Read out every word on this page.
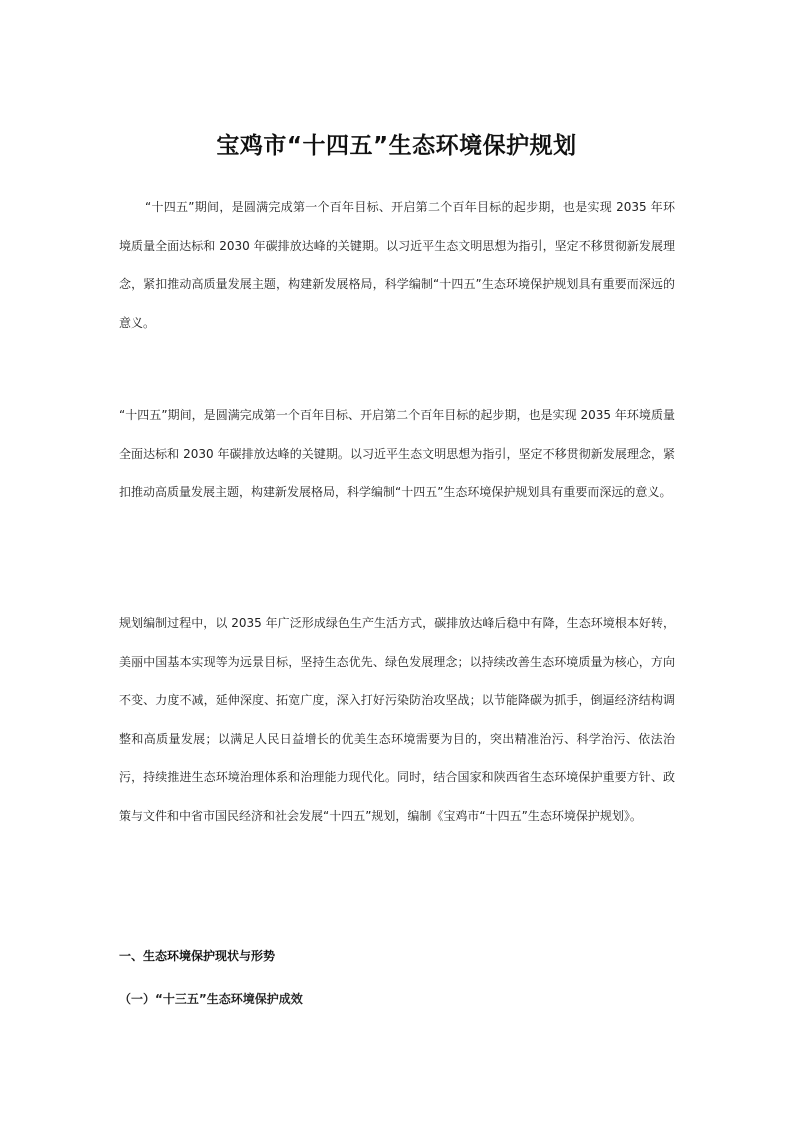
宝鸡市“十四五”生态环境保护规划

“十四五”期间，是圆满完成第一个百年目标、开启第二个百年目标的起步期，也是实现 2035 年环境质量全面达标和 2030 年碳排放达峰的关键期。以习近平生态文明思想为指引，坚定不移贯彻新发展理念，紧扣推动高质量发展主题，构建新发展格局，科学编制“十四五”生态环境保护规划具有重要而深远的意义。

“十四五”期间，是圆满完成第一个百年目标、开启第二个百年目标的起步期，也是实现 2035 年环境质量全面达标和 2030 年碳排放达峰的关键期。以习近平生态文明思想为指引，坚定不移贯彻新发展理念，紧扣推动高质量发展主题，构建新发展格局，科学编制“十四五”生态环境保护规划具有重要而深远的意义。

规划编制过程中，以 2035 年广泛形成绿色生产生活方式，碳排放达峰后稳中有降，生态环境根本好转，美丽中国基本实现等为远景目标，坚持生态优先、绿色发展理念；以持续改善生态环境质量为核心，方向不变、力度不减，延伸深度、拓宽广度，深入打好污染防治攻坚战；以节能降碳为抓手，倒逼经济结构调整和高质量发展；以满足人民日益增长的优美生态环境需要为目的，突出精准治污、科学治污、依法治污，持续推进生态环境治理体系和治理能力现代化。同时，结合国家和陕西省生态环境保护重要方针、政策与文件和中省市国民经济和社会发展“十四五”规划，编制《宝鸡市“十四五”生态环境保护规划》。

一、生态环境保护现状与形势
（一）“十三五”生态环境保护成效
